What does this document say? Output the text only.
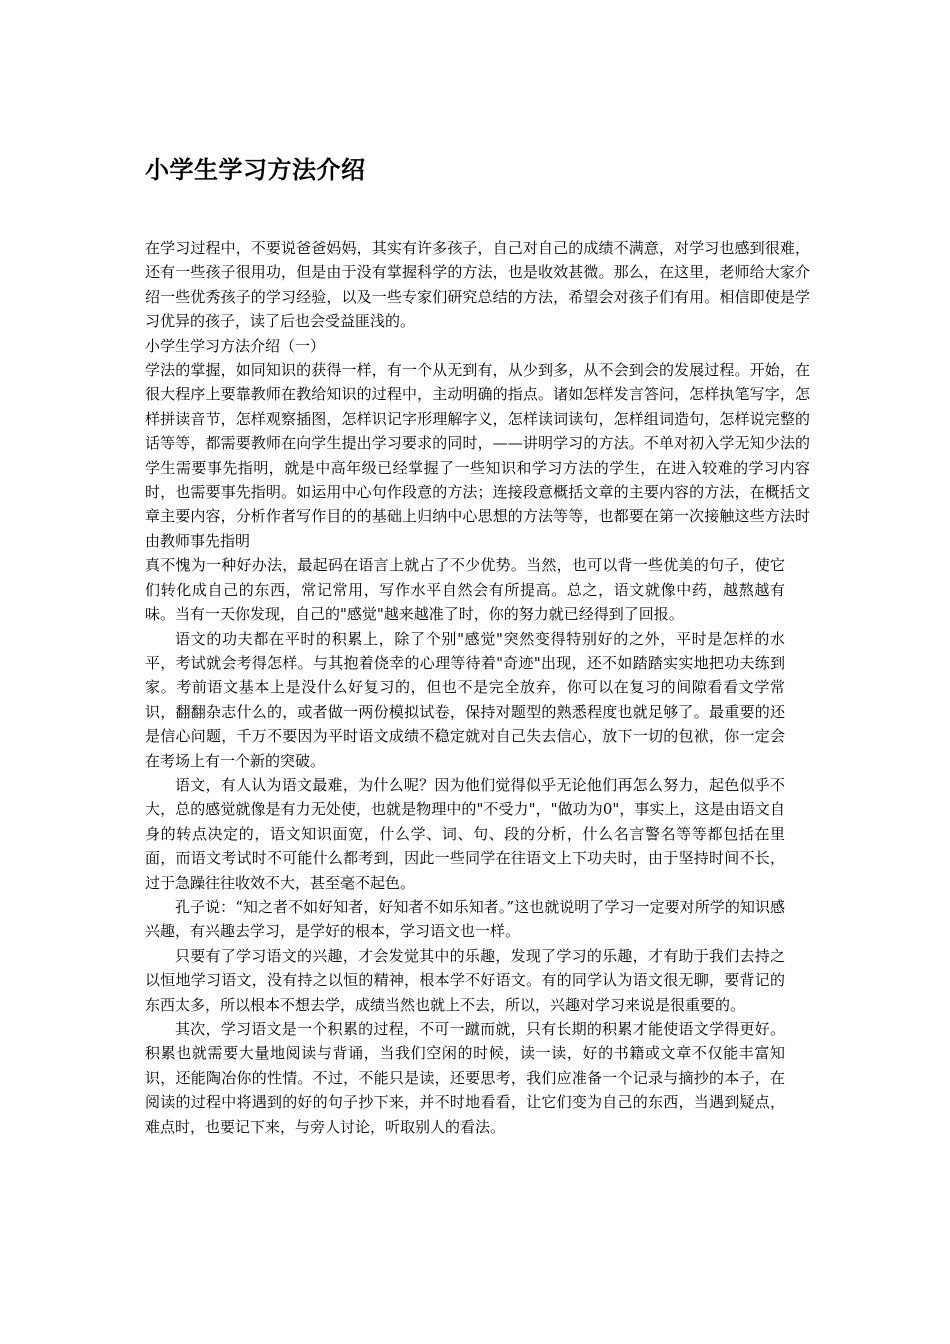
小学生学习方法介绍

在学习过程中，不要说爸爸妈妈，其实有许多孩子，自己对自己的成绩不满意，对学习也感到很难，还有一些孩子很用功，但是由于没有掌握科学的方法，也是收效甚微。那么，在这里，老师给大家介绍一些优秀孩子的学习经验，以及一些专家们研究总结的方法，希望会对孩子们有用。相信即使是学习优异的孩子，读了后也会受益匪浅的。

小学生学习方法介绍（一）

学法的掌握，如同知识的获得一样，有一个从无到有，从少到多，从不会到会的发展过程。开始，在很大程序上要靠教师在教给知识的过程中，主动明确的指点。诸如怎样发言答问，怎样执笔写字，怎样拼读音节，怎样观察插图，怎样识记字形理解字义，怎样读词读句，怎样组词造句，怎样说完整的话等等，都需要教师在向学生提出学习要求的同时，——讲明学习的方法。不单对初入学无知少法的学生需要事先指明，就是中高年级已经掌握了一些知识和学习方法的学生，在进入较难的学习内容时，也需要事先指明。如运用中心句作段意的方法；连接段意概括文章的主要内容的方法，在概括文章主要内容，分析作者写作目的的基础上归纳中心思想的方法等等，也都要在第一次接触这些方法时由教师事先指明

真不愧为一种好办法，最起码在语言上就占了不少优势。当然，也可以背一些优美的句子，使它们转化成自己的东西，常记常用，写作水平自然会有所提高。总之，语文就像中药，越熬越有味。当有一天你发现，自己的"感觉"越来越准了时，你的努力就已经得到了回报。

语文的功夫都在平时的积累上，除了个别"感觉"突然变得特别好的之外，平时是怎样的水平，考试就会考得怎样。与其抱着侥幸的心理等待着"奇迹"出现，还不如踏踏实实地把功夫练到家。考前语文基本上是没什么好复习的，但也不是完全放弃，你可以在复习的间隙看看文学常识，翻翻杂志什么的，或者做一两份模拟试卷，保持对题型的熟悉程度也就足够了。最重要的还是信心问题，千万不要因为平时语文成绩不稳定就对自己失去信心，放下一切的包袱，你一定会在考场上有一个新的突破。

语文，有人认为语文最难，为什么呢？因为他们觉得似乎无论他们再怎么努力，起色似乎不大，总的感觉就像是有力无处使，也就是物理中的"不受力"，"做功为0"，事实上，这是由语文自身的转点决定的，语文知识面宽，什么学、词、句、段的分析，什么名言警名等等都包括在里面，而语文考试时不可能什么都考到，因此一些同学在往语文上下功夫时，由于坚持时间不长，过于急躁往往收效不大，甚至毫不起色。

孔子说：“知之者不如好知者，好知者不如乐知者。”这也就说明了学习一定要对所学的知识感兴趣，有兴趣去学习，是学好的根本，学习语文也一样。

只要有了学习语文的兴趣，才会发觉其中的乐趣，发现了学习的乐趣，才有助于我们去持之以恒地学习语文，没有持之以恒的精神，根本学不好语文。有的同学认为语文很无聊，要背记的东西太多，所以根本不想去学，成绩当然也就上不去，所以，兴趣对学习来说是很重要的。

其次，学习语文是一个积累的过程，不可一蹴而就，只有长期的积累才能使语文学得更好。积累也就需要大量地阅读与背诵，当我们空闲的时候，读一读，好的书籍或文章不仅能丰富知识，还能陶冶你的性情。不过，不能只是读，还要思考，我们应准备一个记录与摘抄的本子，在阅读的过程中将遇到的好的句子抄下来，并不时地看看，让它们变为自己的东西，当遇到疑点，难点时，也要记下来，与旁人讨论，听取别人的看法。
